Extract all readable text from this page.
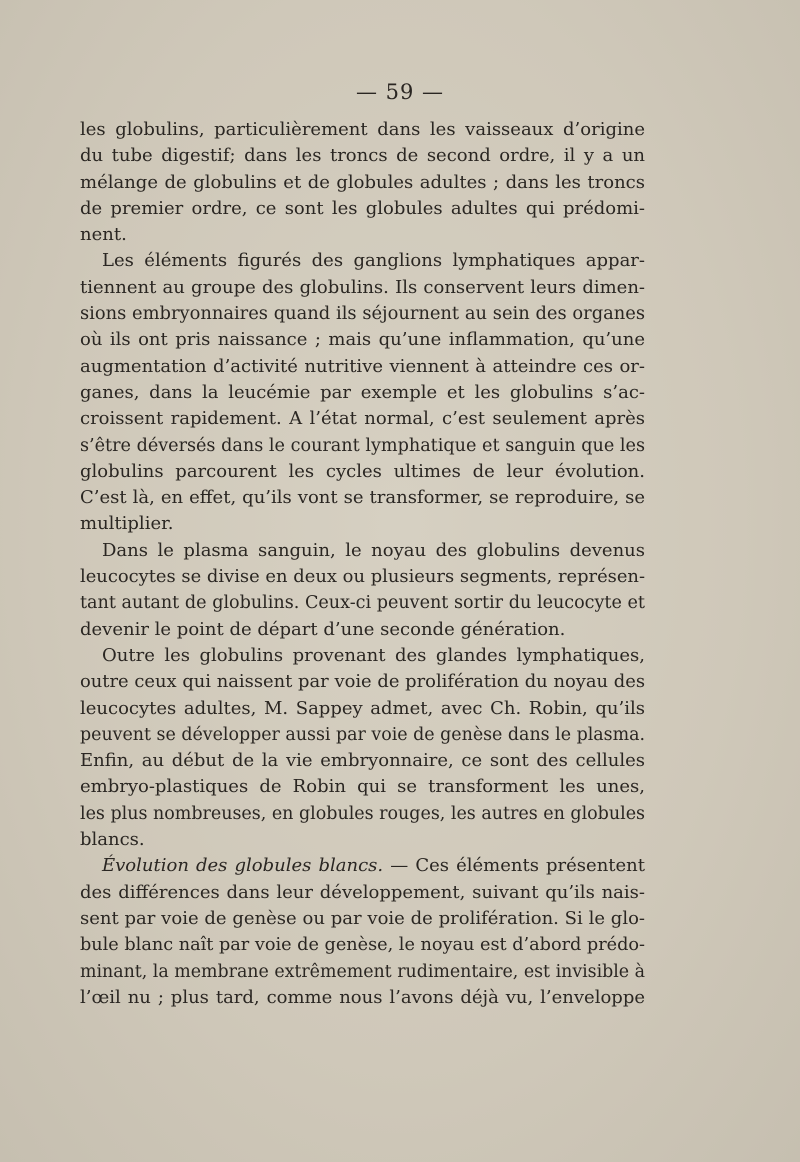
— 59 —
les globulins, particulièrement dans les vaisseaux d’origine
du tube digestif; dans les troncs de second ordre, il y a un
mélange de globulins et de globules adultes ; dans les troncs
de premier ordre, ce sont les globules adultes qui prédomi-
nent.
Les éléments figurés des ganglions lymphatiques appar-
tiennent au groupe des globulins. Ils conservent leurs dimen-
sions embryonnaires quand ils séjournent au sein des organes
où ils ont pris naissance ; mais qu’une inflammation, qu’une
augmentation d’activité nutritive viennent à atteindre ces or-
ganes, dans la leucémie par exemple et les globulins s’ac-
croissent rapidement. A l’état normal, c’est seulement après
s’être déversés dans le courant lymphatique et sanguin que les
globulins parcourent les cycles ultimes de leur évolution.
C’est là, en effet, qu’ils vont se transformer, se reproduire, se
multiplier.
Dans le plasma sanguin, le noyau des globulins devenus
leucocytes se divise en deux ou plusieurs segments, représen-
tant autant de globulins. Ceux-ci peuvent sortir du leucocyte et
devenir le point de départ d’une seconde génération.
Outre les globulins provenant des glandes lymphatiques,
outre ceux qui naissent par voie de prolifération du noyau des
leucocytes adultes, M. Sappey admet, avec Ch. Robin, qu’ils
peuvent se développer aussi par voie de genèse dans le plasma.
Enfin, au début de la vie embryonnaire, ce sont des cellules
embryo-plastiques de Robin qui se transforment les unes,
les plus nombreuses, en globules rouges, les autres en globules
blancs.
Évolution des globules blancs. — Ces éléments présentent
des différences dans leur développement, suivant qu’ils nais-
sent par voie de genèse ou par voie de prolifération. Si le glo-
bule blanc naît par voie de genèse, le noyau est d’abord prédo-
minant, la membrane extrêmement rudimentaire, est invisible à
l’œil nu ; plus tard, comme nous l’avons déjà vu, l’enveloppe
